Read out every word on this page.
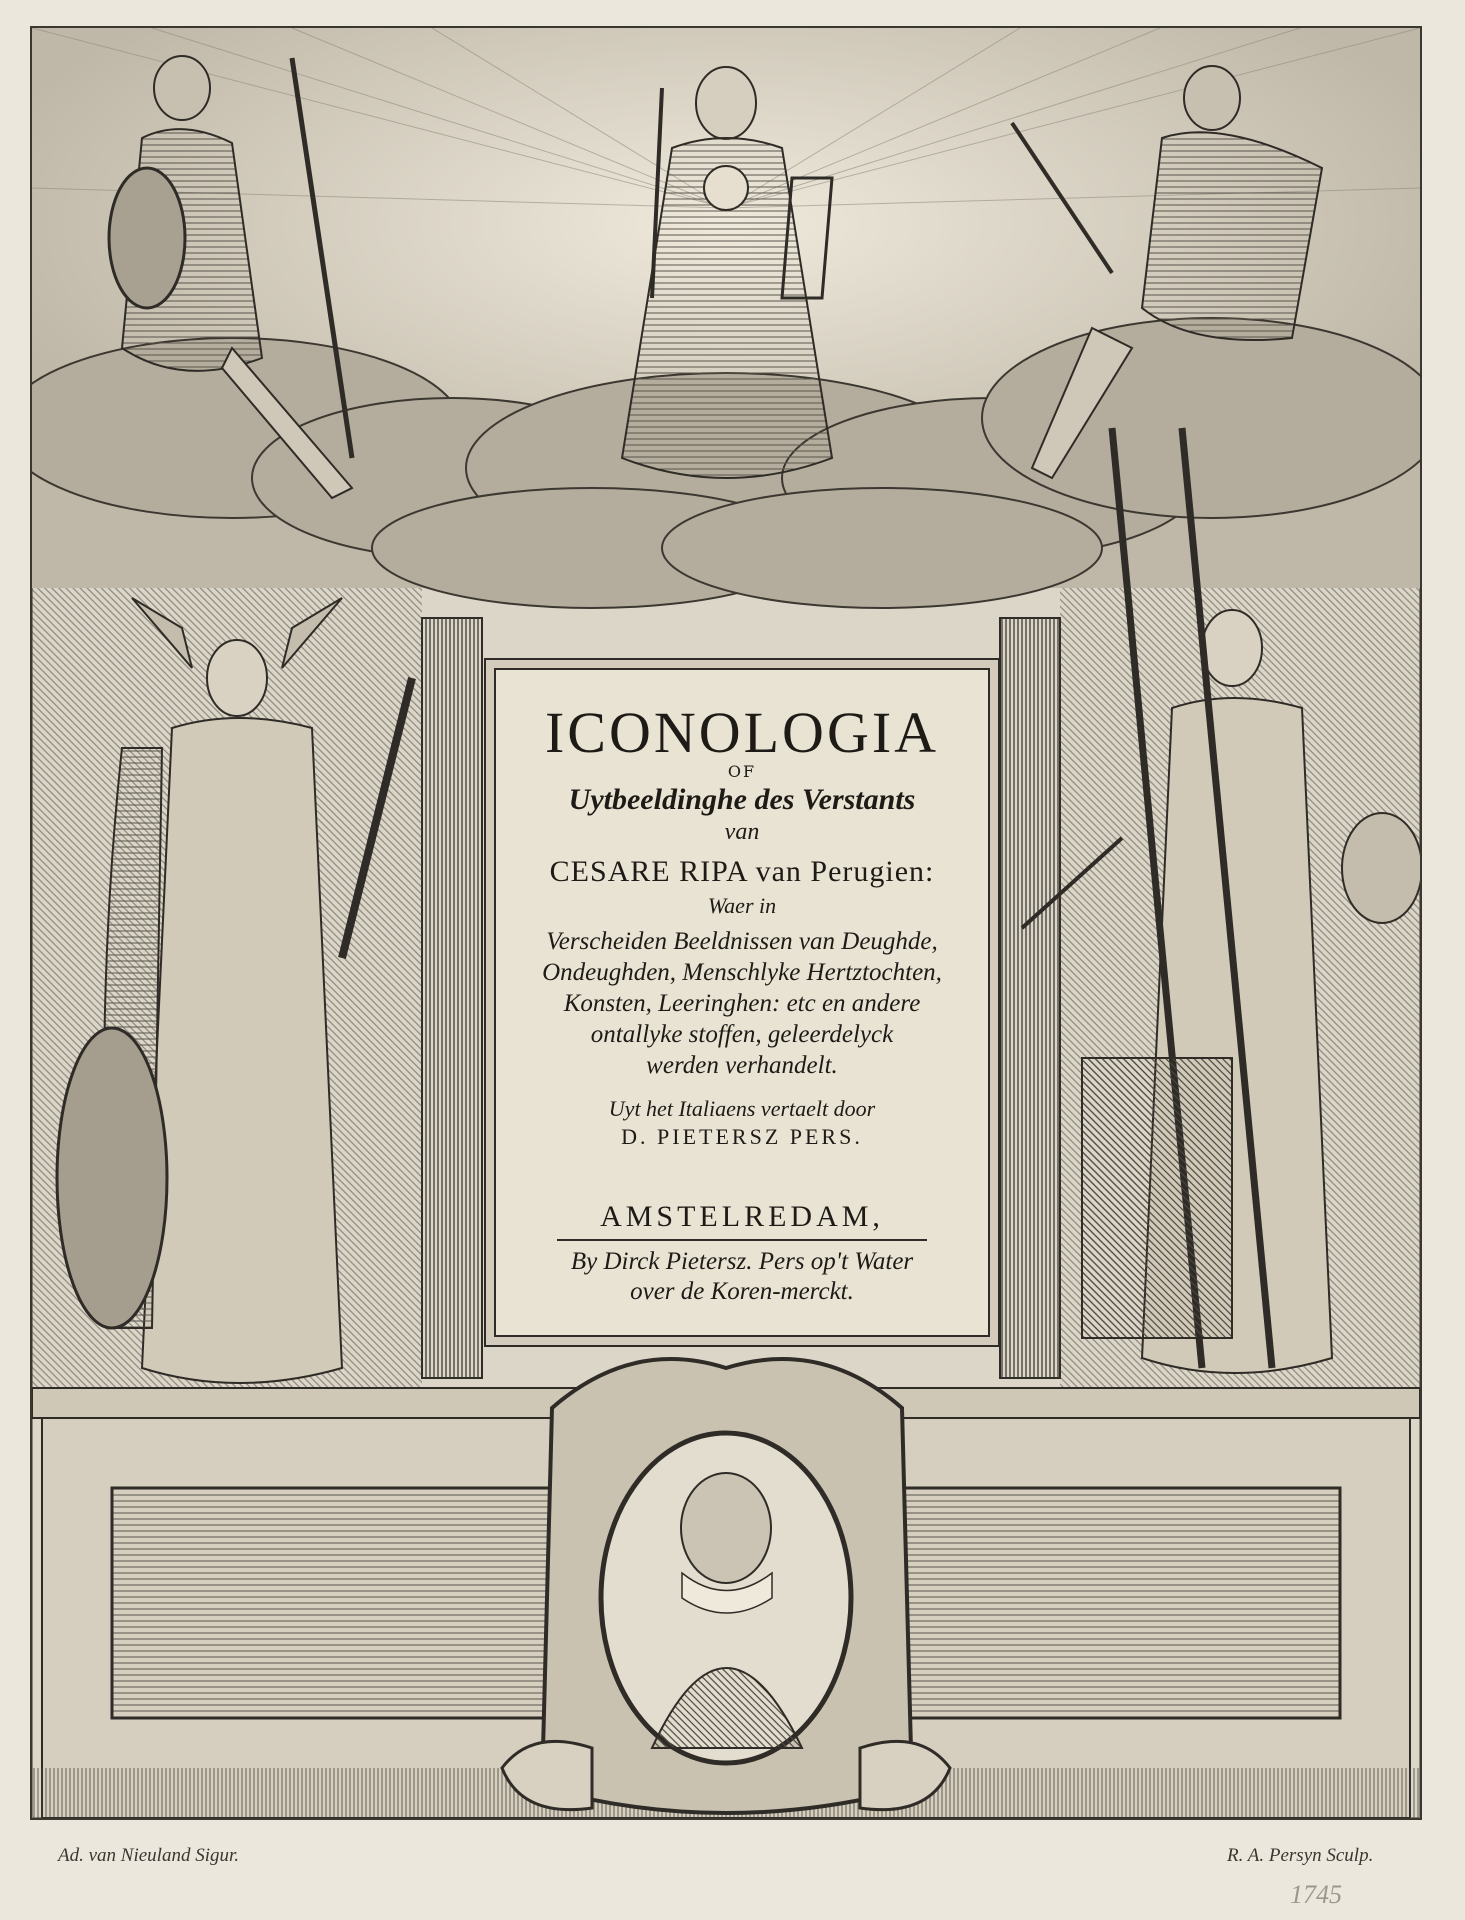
ICONOLOGIA
OF
Uytbeeldinghe des Verstants
van
CESARE RIPA van Perugien:
Waer in
Verscheiden Beeldnissen van Deughde,
Ondeughden, Menschlyke Hertztochten,
Konsten, Leeringhen: etc en andere
ontallyke stoffen, geleerdelyck
werden verhandelt.
Uyt het Italiaens vertaelt door
D. PIETERSZ PERS.
AMSTELREDAM,
By Dirck Pietersz. Pers op't Water
over de Koren-merckt.
Ad. van Nieuland Sigur.	R. A. Persyn Sculp.
1745
